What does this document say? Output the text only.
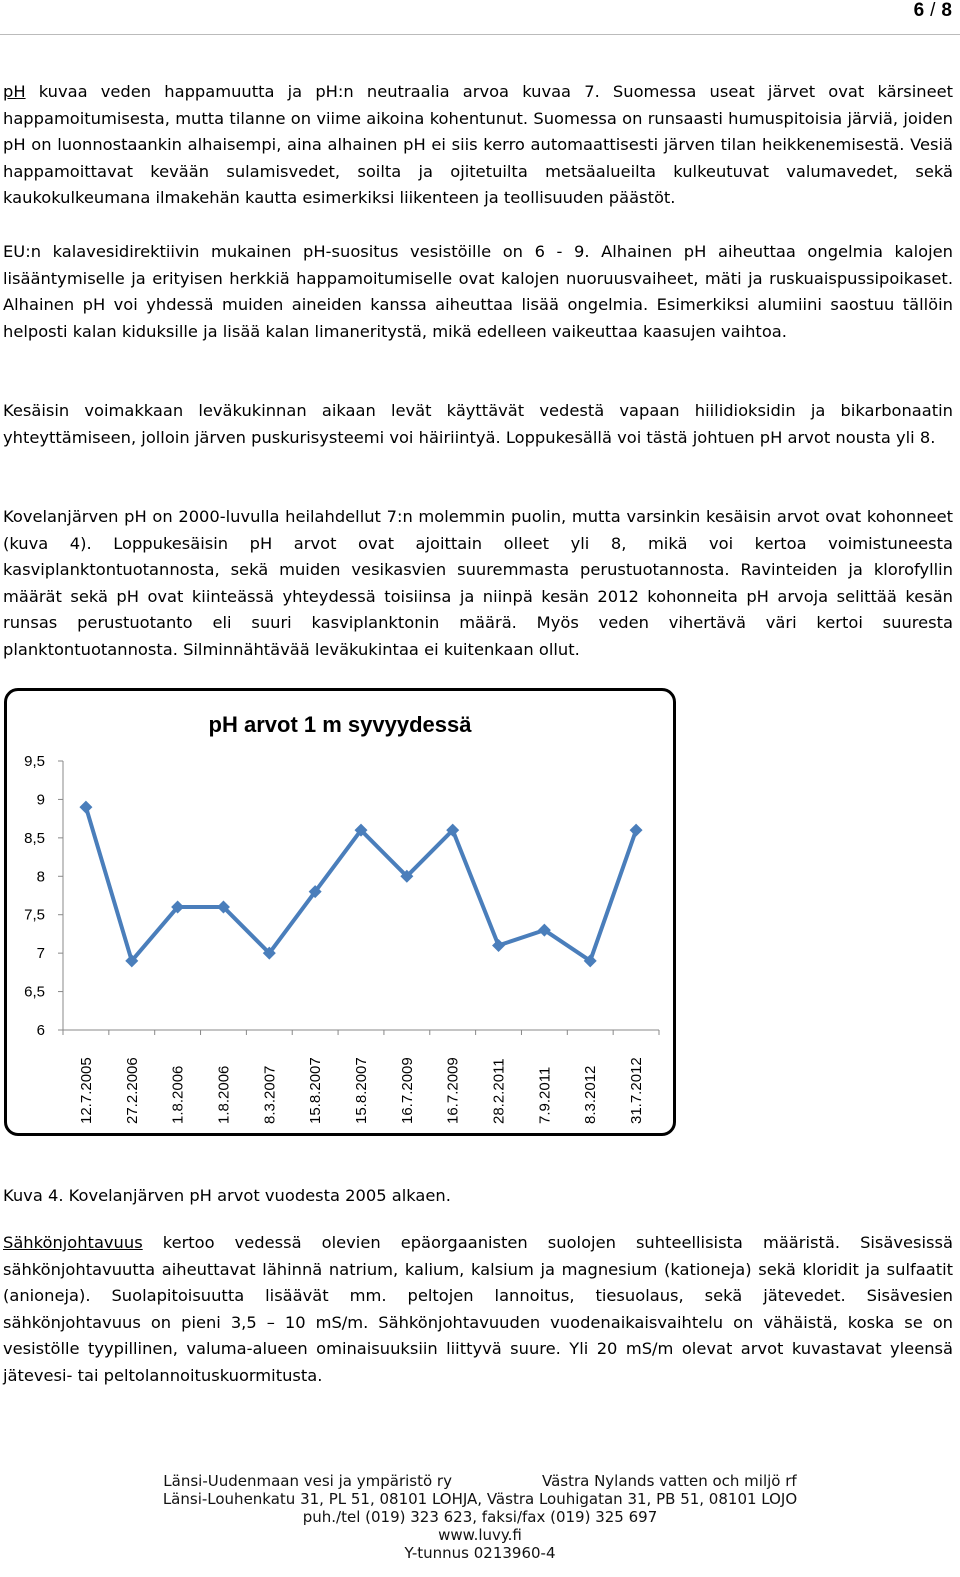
6 / 8

pH kuvaa veden happamuutta ja pH:n neutraalia arvoa kuvaa 7. Suomessa useat järvet ovat kärsineet happamoitumisesta, mutta tilanne on viime aikoina kohentunut. Suomessa on runsaasti humuspitoisia järviä, joiden pH on luonnostaankin alhaisempi, aina alhainen pH ei siis kerro automaattisesti järven tilan heikkenemisestä. Vesiä happamoittavat kevään sulamisvedet, soilta ja ojitetuilta metsäalueilta kulkeutuvat valumavedet, sekä kaukokulkeumana ilmakehän kautta esimerkiksi liikenteen ja teollisuuden päästöt.

EU:n kalavesidirektiivin mukainen pH-suositus vesistöille on 6 - 9. Alhainen pH aiheuttaa ongelmia kalojen lisääntymiselle ja erityisen herkkiä happamoitumiselle ovat kalojen nuoruusvaiheet, mäti ja ruskuaispussipoikaset. Alhainen pH voi yhdessä muiden aineiden kanssa aiheuttaa lisää ongelmia. Esimerkiksi alumiini saostuu tällöin helposti kalan kiduksille ja lisää kalan limaneritystä, mikä edelleen vaikeuttaa kaasujen vaihtoa.

Kesäisin voimakkaan leväkukinnan aikaan levät käyttävät vedestä vapaan hiilidioksidin ja bikarbonaatin yhteyttämiseen, jolloin järven puskurisysteemi voi häiriintyä. Loppukesällä voi tästä johtuen pH arvot nousta yli 8.

Kovelanjärven pH on 2000-luvulla heilahdellut 7:n molemmin puolin, mutta varsinkin kesäisin arvot ovat kohonneet (kuva 4). Loppukesäisin pH arvot ovat ajoittain olleet yli 8, mikä voi kertoa voimistuneesta kasviplanktontuotannosta, sekä muiden vesikasvien suuremmasta perustuotannosta. Ravinteiden ja klorofyllin määrät sekä pH ovat kiinteässä yhteydessä toisiinsa ja niinpä kesän 2012 kohonneita pH arvoja selittää kesän runsas perustuotanto eli suuri kasviplanktonin määrä. Myös veden vihertävä väri kertoi suuresta planktontuotannosta. Silminnähtävää leväkukintaa ei kuitenkaan ollut.

pH arvot 1 m syvyydessä
9,5
9
8,5
8
7,5
7
6,5
6
12.7.2005 27.2.2006 1.8.2006 1.8.2006 8.3.2007 15.8.2007 15.8.2007 16.7.2009 16.7.2009 28.2.2011 7.9.2011 8.3.2012 31.7.2012

Kuva 4. Kovelanjärven pH arvot vuodesta 2005 alkaen.

Sähkönjohtavuus kertoo vedessä olevien epäorgaanisten suolojen suhteellisista määristä. Sisävesissä sähkönjohtavuutta aiheuttavat lähinnä natrium, kalium, kalsium ja magnesium (kationeja) sekä kloridit ja sulfaatit (anioneja). Suolapitoisuutta lisäävät mm. peltojen lannoitus, tiesuolaus, sekä jätevedet. Sisävesien sähkönjohtavuus on pieni 3,5 – 10 mS/m. Sähkönjohtavuuden vuodenaikaisvaihtelu on vähäistä, koska se on vesistölle tyypillinen, valuma-alueen ominaisuuksiin liittyvä suure. Yli 20 mS/m olevat arvot kuvastavat yleensä jätevesi- tai peltolannoituskuormitusta.

Länsi-Uudenmaan vesi ja ympäristö ry	Västra Nylands vatten och miljö rf
Länsi-Louhenkatu 31, PL 51, 08101 LOHJA, Västra Louhigatan 31, PB 51, 08101 LOJO
puh./tel (019) 323 623, faksi/fax (019) 325 697
www.luvy.fi
Y-tunnus 0213960-4
